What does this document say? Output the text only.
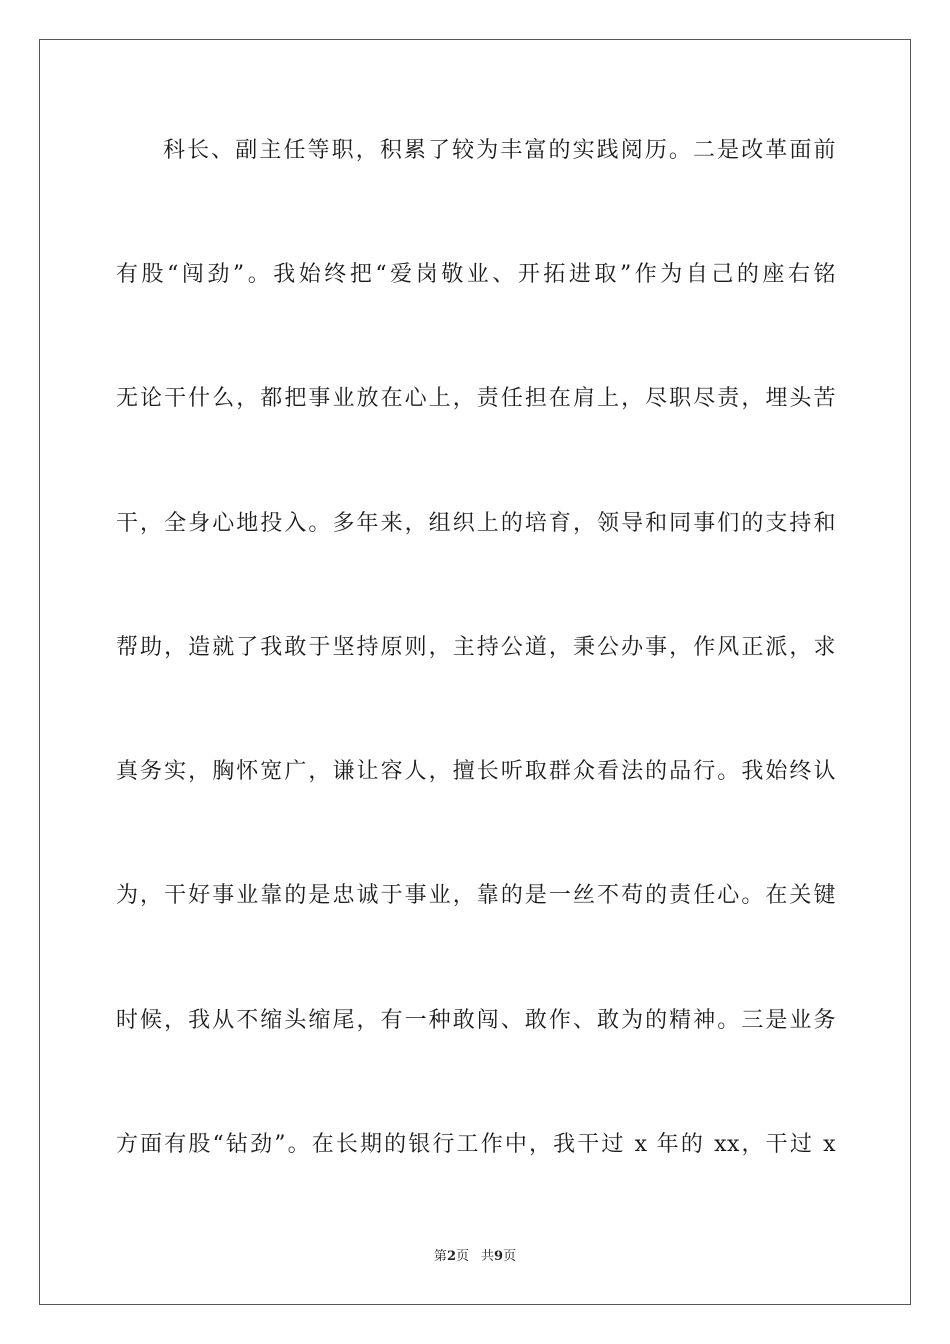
科长、副主任等职，积累了较为丰富的实践阅历。二是改革面前
有股“闯劲”。我始终把“爱岗敬业、开拓进取”作为自己的座右铭
无论干什么，都把事业放在心上，责任担在肩上，尽职尽责，埋头苦
干，全身心地投入。多年来，组织上的培育，领导和同事们的支持和
帮助，造就了我敢于坚持原则，主持公道，秉公办事，作风正派，求
真务实，胸怀宽广，谦让容人，擅长听取群众看法的品行。我始终认
为，干好事业靠的是忠诚于事业，靠的是一丝不苟的责任心。在关键
时候，我从不缩头缩尾，有一种敢闯、敢作、敢为的精神。三是业务
方面有股“钻劲”。在长期的银行工作中，我干过 x 年的 xx，干过 x
第2页 共9页
